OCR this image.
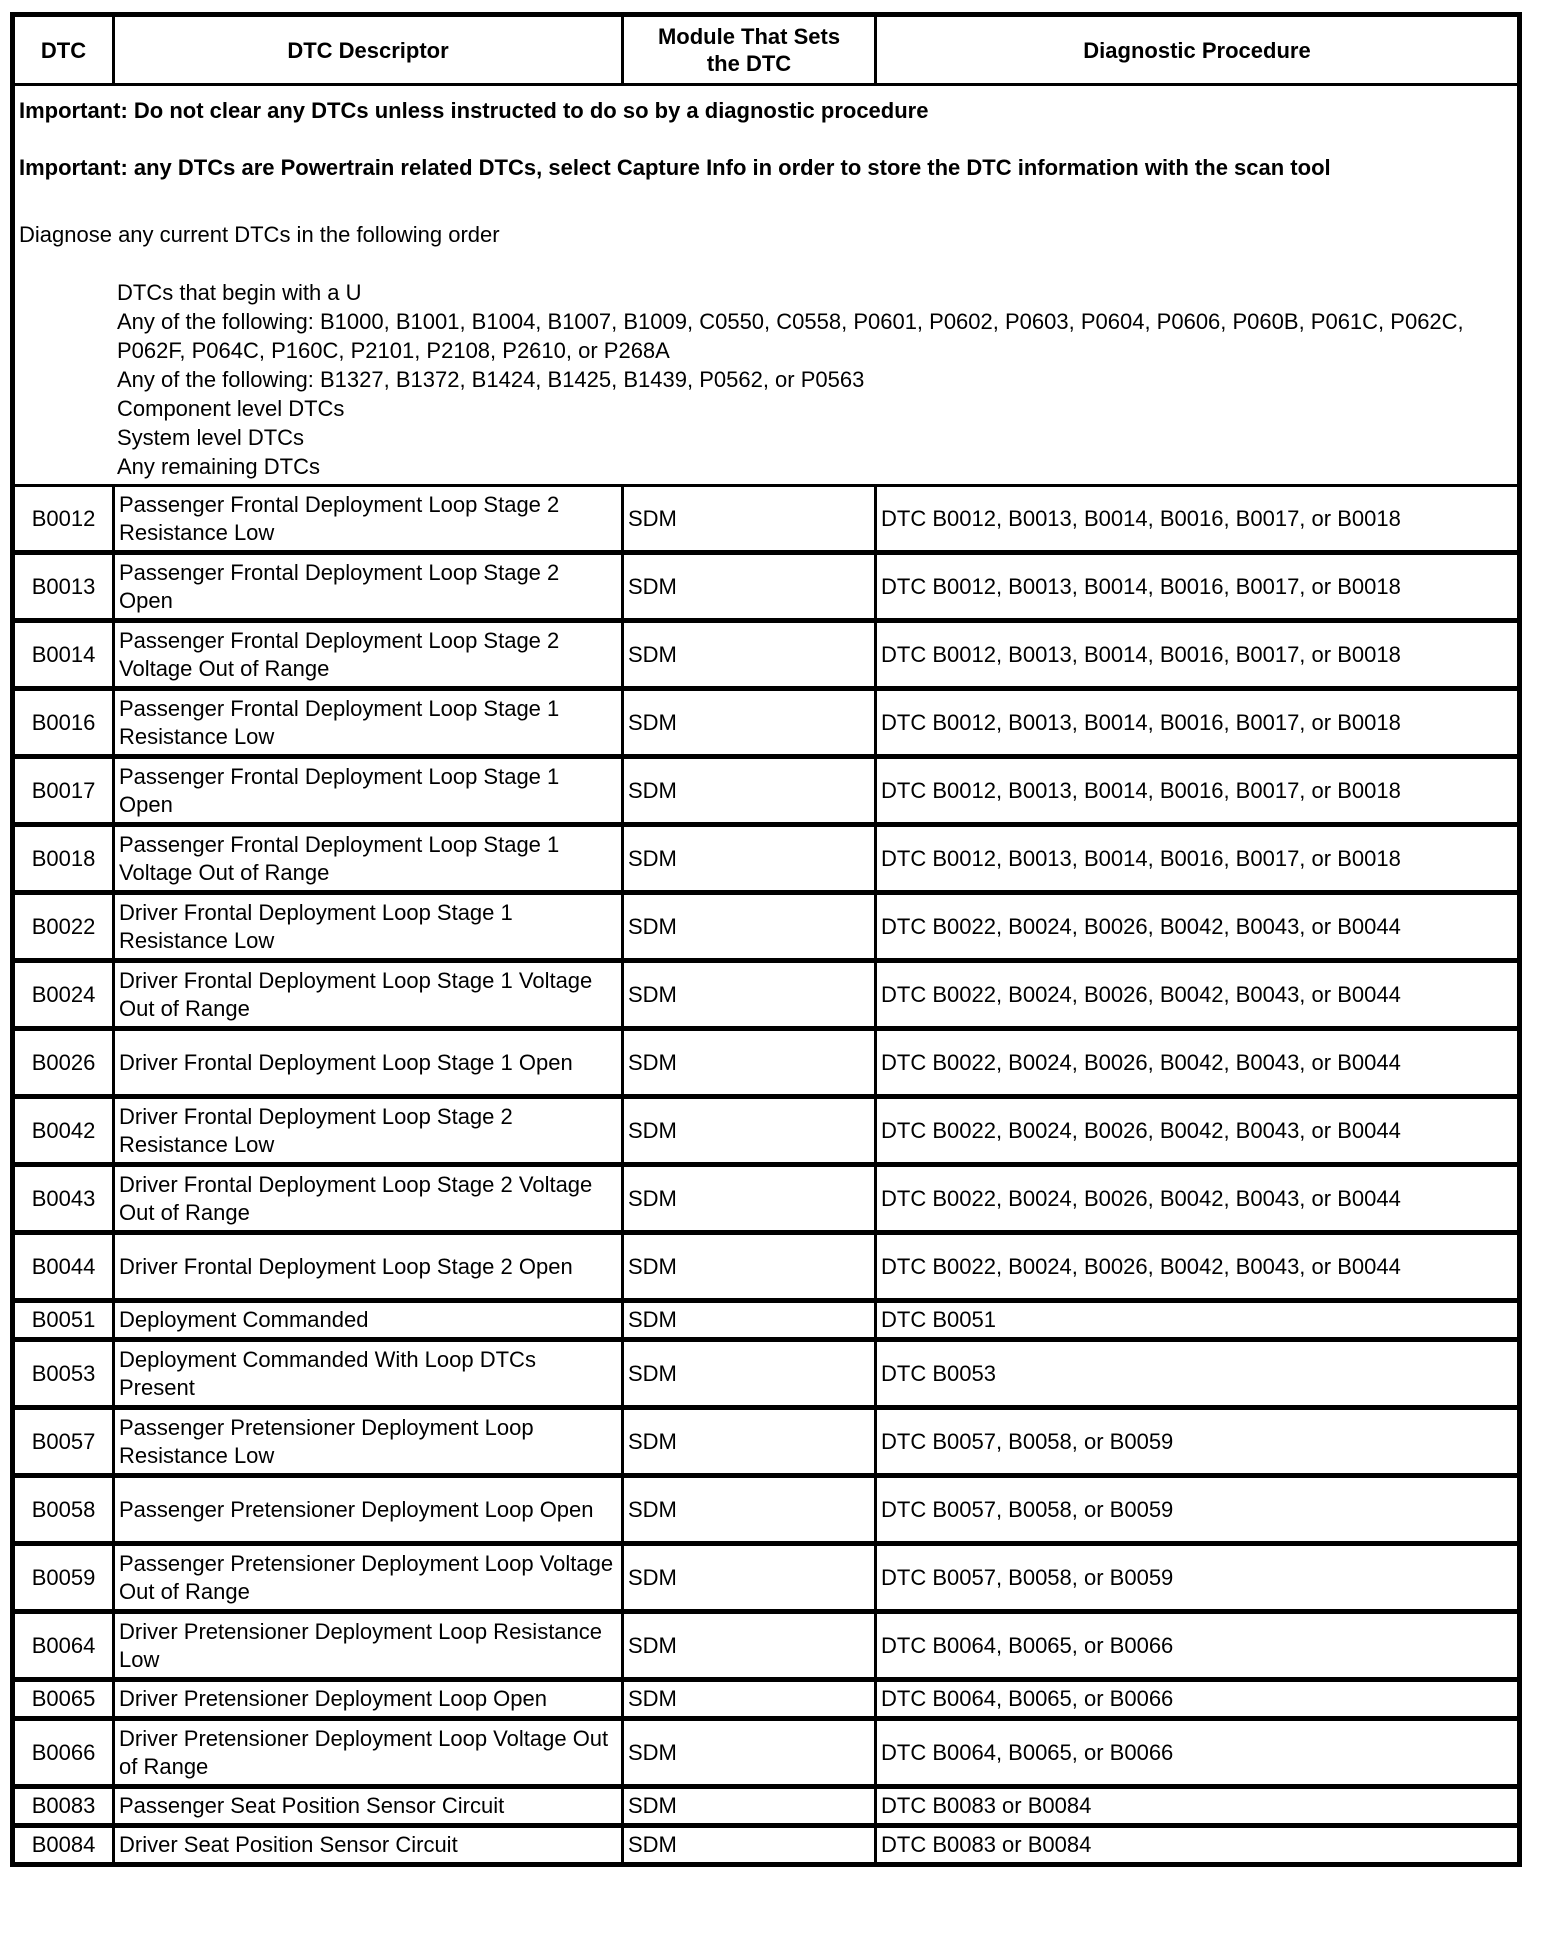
DTC	DTC Descriptor	Module That Sets the DTC	Diagnostic Procedure

Important: Do not clear any DTCs unless instructed to do so by a diagnostic procedure
Important: any DTCs are Powertrain related DTCs, select Capture Info in order to store the DTC information with the scan tool
Diagnose any current DTCs in the following order
DTCs that begin with a U
Any of the following: B1000, B1001, B1004, B1007, B1009, C0550, C0558, P0601, P0602, P0603, P0604, P0606, P060B, P061C, P062C, P062F, P064C, P160C, P2101, P2108, P2610, or P268A
Any of the following: B1327, B1372, B1424, B1425, B1439, P0562, or P0563
Component level DTCs
System level DTCs
Any remaining DTCs

B0012	Passenger Frontal Deployment Loop Stage 2 Resistance Low	SDM	DTC B0012, B0013, B0014, B0016, B0017, or B0018
B0013	Passenger Frontal Deployment Loop Stage 2 Open	SDM	DTC B0012, B0013, B0014, B0016, B0017, or B0018
B0014	Passenger Frontal Deployment Loop Stage 2 Voltage Out of Range	SDM	DTC B0012, B0013, B0014, B0016, B0017, or B0018
B0016	Passenger Frontal Deployment Loop Stage 1 Resistance Low	SDM	DTC B0012, B0013, B0014, B0016, B0017, or B0018
B0017	Passenger Frontal Deployment Loop Stage 1 Open	SDM	DTC B0012, B0013, B0014, B0016, B0017, or B0018
B0018	Passenger Frontal Deployment Loop Stage 1 Voltage Out of Range	SDM	DTC B0012, B0013, B0014, B0016, B0017, or B0018
B0022	Driver Frontal Deployment Loop Stage 1 Resistance Low	SDM	DTC B0022, B0024, B0026, B0042, B0043, or B0044
B0024	Driver Frontal Deployment Loop Stage 1 Voltage Out of Range	SDM	DTC B0022, B0024, B0026, B0042, B0043, or B0044
B0026	Driver Frontal Deployment Loop Stage 1 Open	SDM	DTC B0022, B0024, B0026, B0042, B0043, or B0044
B0042	Driver Frontal Deployment Loop Stage 2 Resistance Low	SDM	DTC B0022, B0024, B0026, B0042, B0043, or B0044
B0043	Driver Frontal Deployment Loop Stage 2 Voltage Out of Range	SDM	DTC B0022, B0024, B0026, B0042, B0043, or B0044
B0044	Driver Frontal Deployment Loop Stage 2 Open	SDM	DTC B0022, B0024, B0026, B0042, B0043, or B0044
B0051	Deployment Commanded	SDM	DTC B0051
B0053	Deployment Commanded With Loop DTCs Present	SDM	DTC B0053
B0057	Passenger Pretensioner Deployment Loop Resistance Low	SDM	DTC B0057, B0058, or B0059
B0058	Passenger Pretensioner Deployment Loop Open	SDM	DTC B0057, B0058, or B0059
B0059	Passenger Pretensioner Deployment Loop Voltage Out of Range	SDM	DTC B0057, B0058, or B0059
B0064	Driver Pretensioner Deployment Loop Resistance Low	SDM	DTC B0064, B0065, or B0066
B0065	Driver Pretensioner Deployment Loop Open	SDM	DTC B0064, B0065, or B0066
B0066	Driver Pretensioner Deployment Loop Voltage Out of Range	SDM	DTC B0064, B0065, or B0066
B0083	Passenger Seat Position Sensor Circuit	SDM	DTC B0083 or B0084
B0084	Driver Seat Position Sensor Circuit	SDM	DTC B0083 or B0084
